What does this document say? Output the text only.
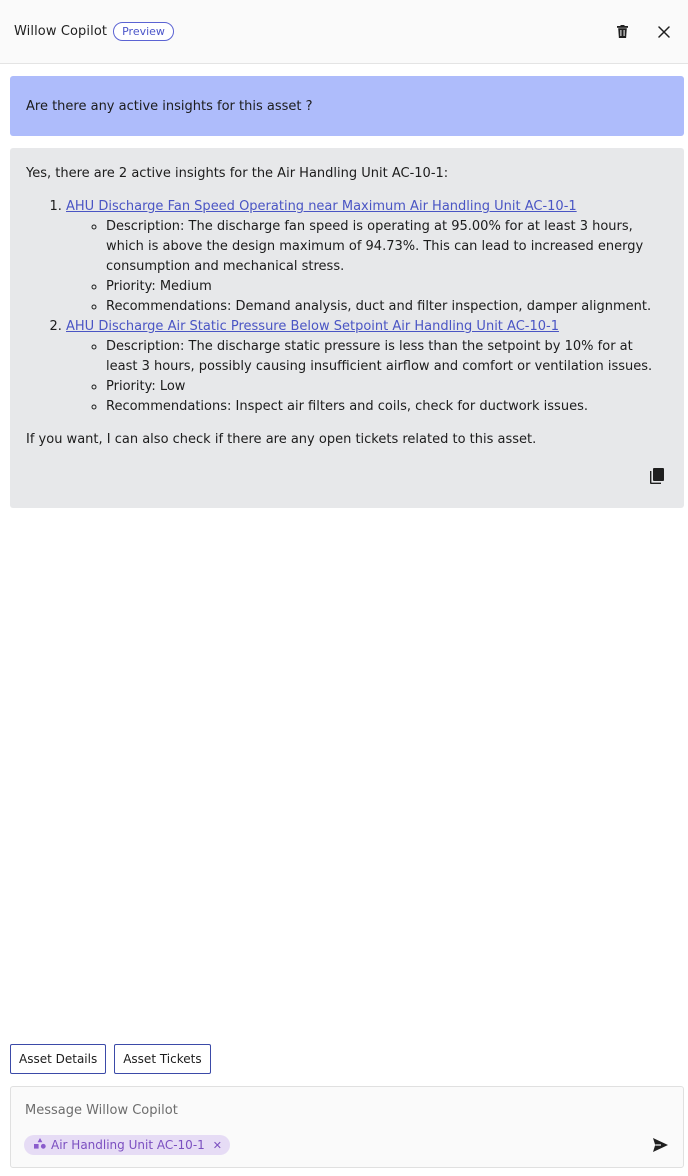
Willow Copilot	Preview
Are there any active insights for this asset ?

Yes, there are 2 active insights for the Air Handling Unit AC-10-1:

1. AHU Discharge Fan Speed Operating near Maximum Air Handling Unit AC-10-1
◦ Description: The discharge fan speed is operating at 95.00% for at least 3 hours, which is above the design maximum of 94.73%. This can lead to increased energy consumption and mechanical stress.
◦ Priority: Medium
◦ Recommendations: Demand analysis, duct and filter inspection, damper alignment.
2. AHU Discharge Air Static Pressure Below Setpoint Air Handling Unit AC-10-1
◦ Description: The discharge static pressure is less than the setpoint by 10% for at least 3 hours, possibly causing insufficient airflow and comfort or ventilation issues.
◦ Priority: Low
◦ Recommendations: Inspect air filters and coils, check for ductwork issues.

If you want, I can also check if there are any open tickets related to this asset.

Asset Details	Asset Tickets
Message Willow Copilot
Air Handling Unit AC-10-1 ✕
